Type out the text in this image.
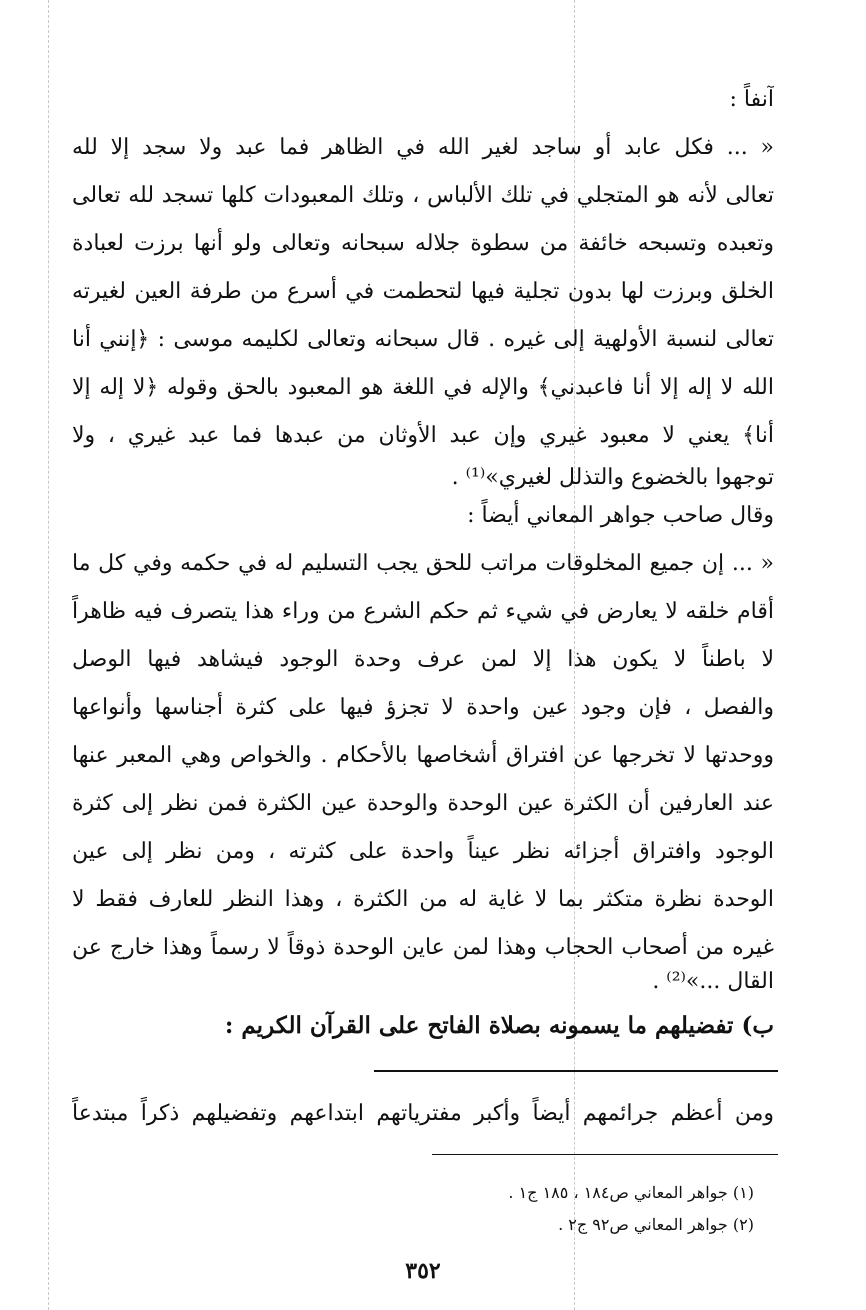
آنفاً :
« ... فكل عابد أو ساجد لغير الله في الظاهر فما عبد ولا سجد إلا لله
تعالى لأنه هو المتجلي في تلك الألباس ، وتلك المعبودات كلها تسجد لله تعالى
وتعبده وتسبحه خائفة من سطوة جلاله سبحانه وتعالى ولو أنها برزت لعبادة
الخلق وبرزت لها بدون تجلية فيها لتحطمت في أسرع من طرفة العين لغيرته
تعالى لنسبة الأولهية إلى غيره . قال سبحانه وتعالى لكليمه موسى : ﴿إنني أنا
الله لا إله إلا أنا فاعبدني﴾ والإله في اللغة هو المعبود بالحق وقوله ﴿لا إله إلا
أنا﴾ يعني لا معبود غيري وإن عبد الأوثان من عبدها فما عبد غيري ، ولا
توجهوا بالخضوع والتذلل لغيري»⁽¹⁾ .
وقال صاحب جواهر المعاني أيضاً :
« ... إن جميع المخلوقات مراتب للحق يجب التسليم له في حكمه وفي كل ما
أقام خلقه لا يعارض في شيء ثم حكم الشرع من وراء هذا يتصرف فيه ظاهراً
لا باطناً لا يكون هذا إلا لمن عرف وحدة الوجود فيشاهد فيها الوصل
والفصل ، فإن وجود عين واحدة لا تجزؤ فيها على كثرة أجناسها وأنواعها
ووحدتها لا تخرجها عن افتراق أشخاصها بالأحكام . والخواص وهي المعبر عنها
عند العارفين أن الكثرة عين الوحدة والوحدة عين الكثرة فمن نظر إلى كثرة
الوجود وافتراق أجزائه نظر عيناً واحدة على كثرته ، ومن نظر إلى عين
الوحدة نظرة متكثر بما لا غاية له من الكثرة ، وهذا النظر للعارف فقط لا
غيره من أصحاب الحجاب وهذا لمن عاين الوحدة ذوقاً لا رسماً وهذا خارج عن
القال ...»⁽²⁾ .
ب) تفضيلهم ما يسمونه بصلاة الفاتح على القرآن الكريم :
ومن أعظم جرائمهم أيضاً وأكبر مفترياتهم ابتداعهم وتفضيلهم ذكراً مبتدعاً
(١) جواهر المعاني ص١٨٤ ، ١٨٥ ج١ .
(٢) جواهر المعاني ص٩٢ ج٢ .
٣٥٢
